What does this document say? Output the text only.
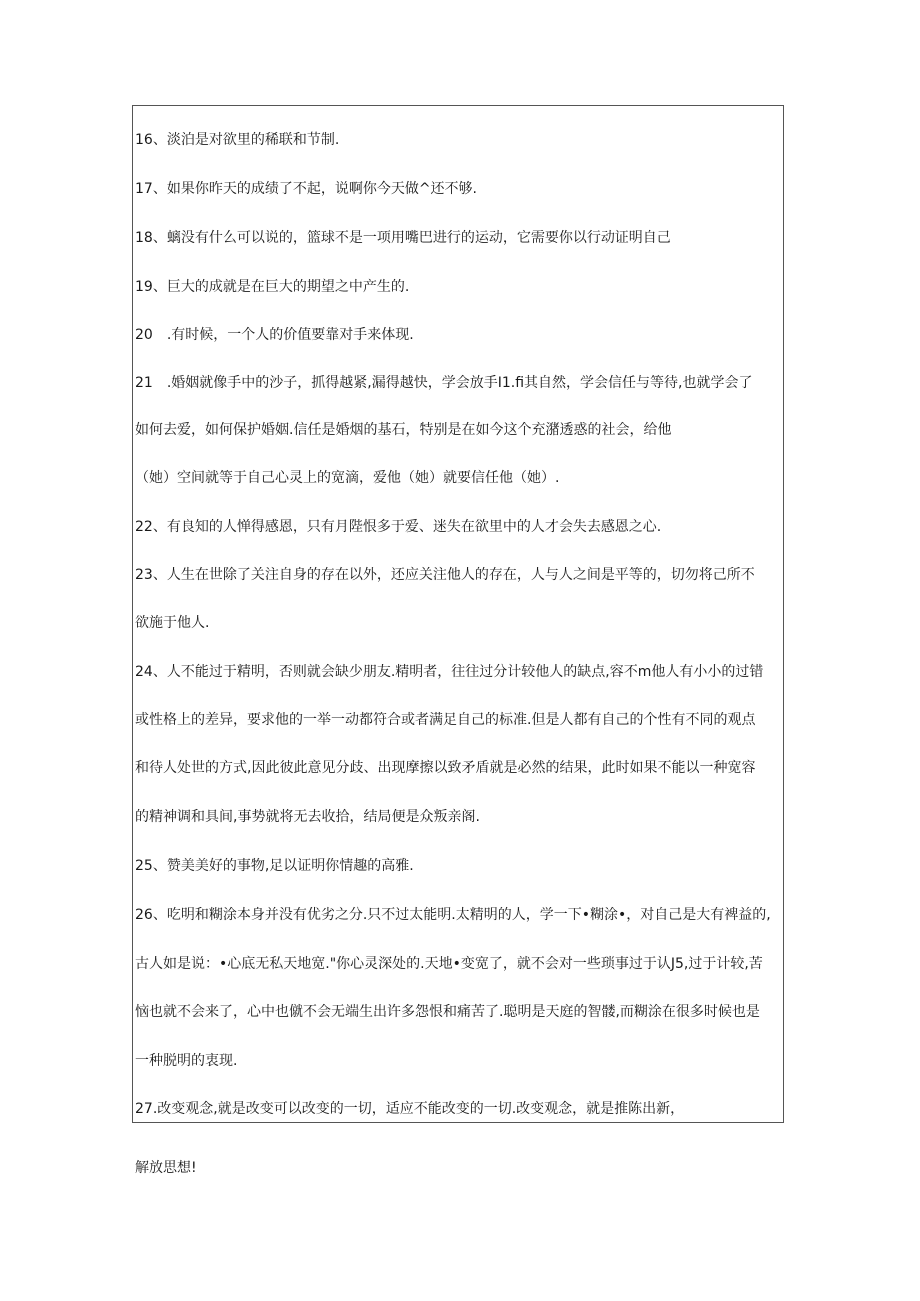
16、淡泊是对欲里的稀联和节制.
17、如果你昨天的成绩了不起，说啊你今天做^还不够.
18、螭没有什么可以说的，篮球不是一项用嘴巴进行的运动，它需要你以行动证明自己
19、巨大的成就是在巨大的期望之中产生的.
20　.有时候，一个人的价值要靠对手来体现.
21　.婚姻就像手中的沙子，抓得越紧,漏得越快，学会放手I1.fi其自然，学会信任与等待,也就学会了
如何去爱，如何保护婚姻.信任是婚烟的基石，特别是在如今这个充潴透惑的社会，给他
（她）空间就等于自己心灵上的宽滴，爱他（她）就要信任他（她）.
22、有良知的人惮得感恩，只有月陛恨多于爱、迷失在欲里中的人才会失去感恩之心.
23、人生在世除了关注自身的存在以外，还应关注他人的存在，人与人之间是平等的，切勿将己所不
欲施于他人.
24、人不能过于精明，否则就会缺少朋友.精明者，往往过分计较他人的缺点,容不m他人有小小的过错
或性格上的差异，要求他的一举一动都符合或者满足自己的标准.但是人都有自己的个性有不同的观点
和待人处世的方式,因此彼此意见分歧、出现摩擦以致矛盾就是必然的结果，此时如果不能以一种宽容
的精神调和具间,事势就将无去收拾，结局便是众叛亲阁.
25、赞美美好的事物,足以证明你情趣的高雅.
26、吃明和糊涂本身并没有优劣之分.只不过太能明.太精明的人，学一下•糊涂•，对自己是大有裨益的,
古人如是说：•心底无私天地宽."你心灵深处的.天地•变宽了，就不会对一些琐事过于认J5,过于计较,苦
恼也就不会来了，心中也僦不会无端生出许多怨恨和痛苦了.聪明是天庭的智髅,而糊涂在很多时候也是
一种脱明的衷现.
27.改变观念,就是改变可以改变的一切，适应不能改变的一切.改变观念，就是推陈出新，
解放思想!
